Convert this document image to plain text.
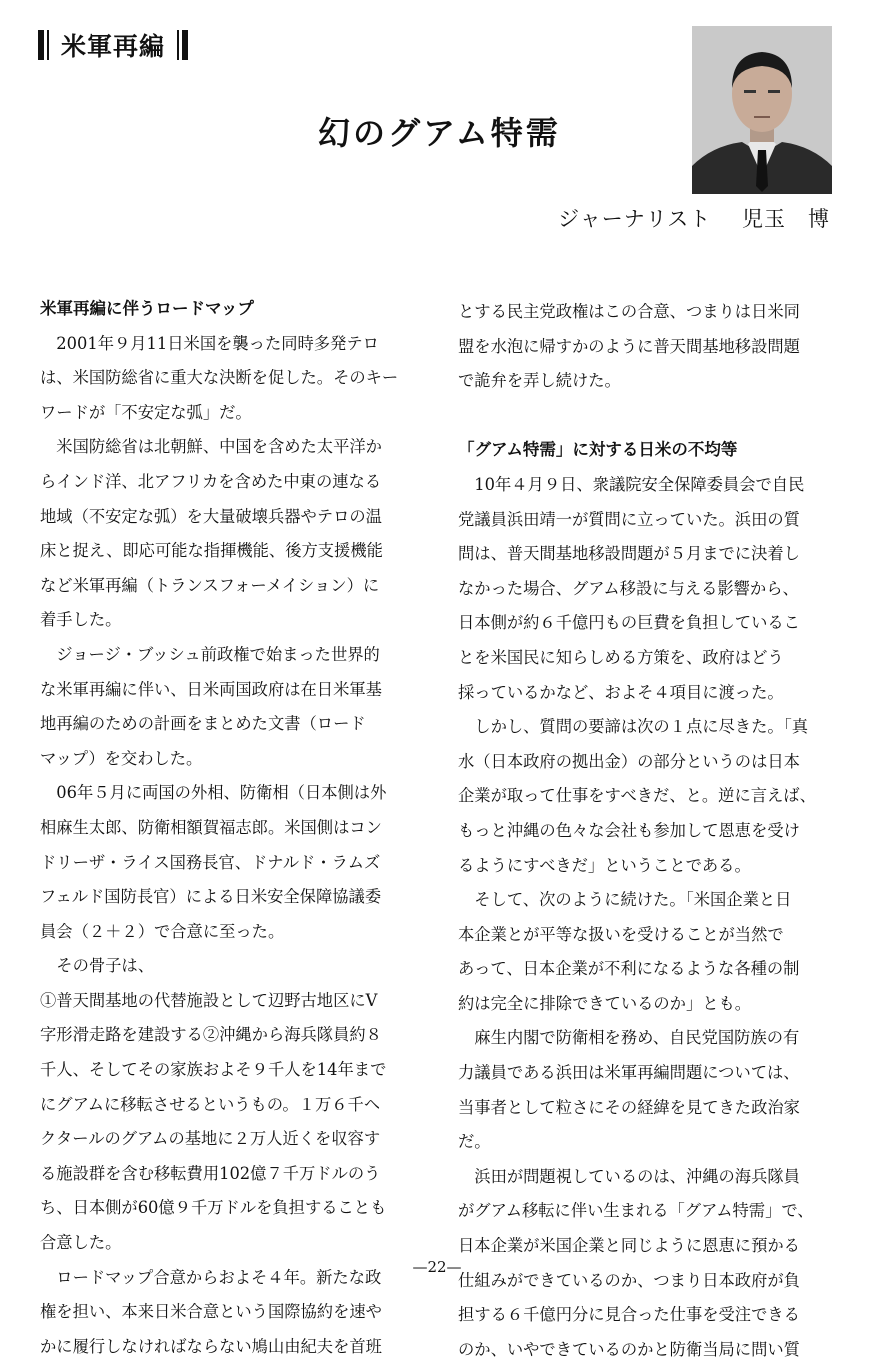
米軍再編
幻のグアム特需
ジャーナリスト 児玉　博

米軍再編に伴うロードマップ

　2001年９月11日米国を襲った同時多発テロ

は、米国防総省に重大な決断を促した。そのキー

ワードが「不安定な弧」だ。

　米国防総省は北朝鮮、中国を含めた太平洋か

らインド洋、北アフリカを含めた中東の連なる

地域（不安定な弧）を大量破壊兵器やテロの温

床と捉え、即応可能な指揮機能、後方支援機能

など米軍再編（トランスフォーメイション）に

着手した。

　ジョージ・ブッシュ前政権で始まった世界的

な米軍再編に伴い、日米両国政府は在日米軍基

地再編のための計画をまとめた文書（ロード

マップ）を交わした。

　06年５月に両国の外相、防衛相（日本側は外

相麻生太郎、防衛相額賀福志郎。米国側はコン

ドリーザ・ライス国務長官、ドナルド・ラムズ

フェルド国防長官）による日米安全保障協議委

員会（２＋２）で合意に至った。

　その骨子は、

①普天間基地の代替施設として辺野古地区にV

字形滑走路を建設する②沖縄から海兵隊員約８

千人、そしてその家族およそ９千人を14年まで

にグアムに移転させるというもの。１万６千ヘ

クタールのグアムの基地に２万人近くを収容す

る施設群を含む移転費用102億７千万ドルのう

ち、日本側が60億９千万ドルを負担することも

合意した。

　ロードマップ合意からおよそ４年。新たな政

権を担い、本来日米合意という国際協約を速や

かに履行しなければならない鳩山由紀夫を首班

とする民主党政権はこの合意、つまりは日米同

盟を水泡に帰すかのように普天間基地移設問題

で詭弁を弄し続けた。

「グアム特需」に対する日米の不均等

　10年４月９日、衆議院安全保障委員会で自民

党議員浜田靖一が質問に立っていた。浜田の質

問は、普天間基地移設問題が５月までに決着し

なかった場合、グアム移設に与える影響から、

日本側が約６千億円もの巨費を負担しているこ

とを米国民に知らしめる方策を、政府はどう

採っているかなど、およそ４項目に渡った。

　しかし、質問の要諦は次の１点に尽きた。「真

水（日本政府の拠出金）の部分というのは日本

企業が取って仕事をすべきだ、と。逆に言えば、

もっと沖縄の色々な会社も参加して恩恵を受け

るようにすべきだ」ということである。

　そして、次のように続けた。「米国企業と日

本企業とが平等な扱いを受けることが当然で

あって、日本企業が不利になるような各種の制

約は完全に排除できているのか」とも。

　麻生内閣で防衛相を務め、自民党国防族の有

力議員である浜田は米軍再編問題については、

当事者として粒さにその経緯を見てきた政治家

だ。

　浜田が問題視しているのは、沖縄の海兵隊員

がグアム移転に伴い生まれる「グアム特需」で、

日本企業が米国企業と同じように恩恵に預かる

仕組みができているのか、つまり日本政府が負

担する６千億円分に見合った仕事を受注できる

のか、いやできているのかと防衛当局に問い質

—22—
